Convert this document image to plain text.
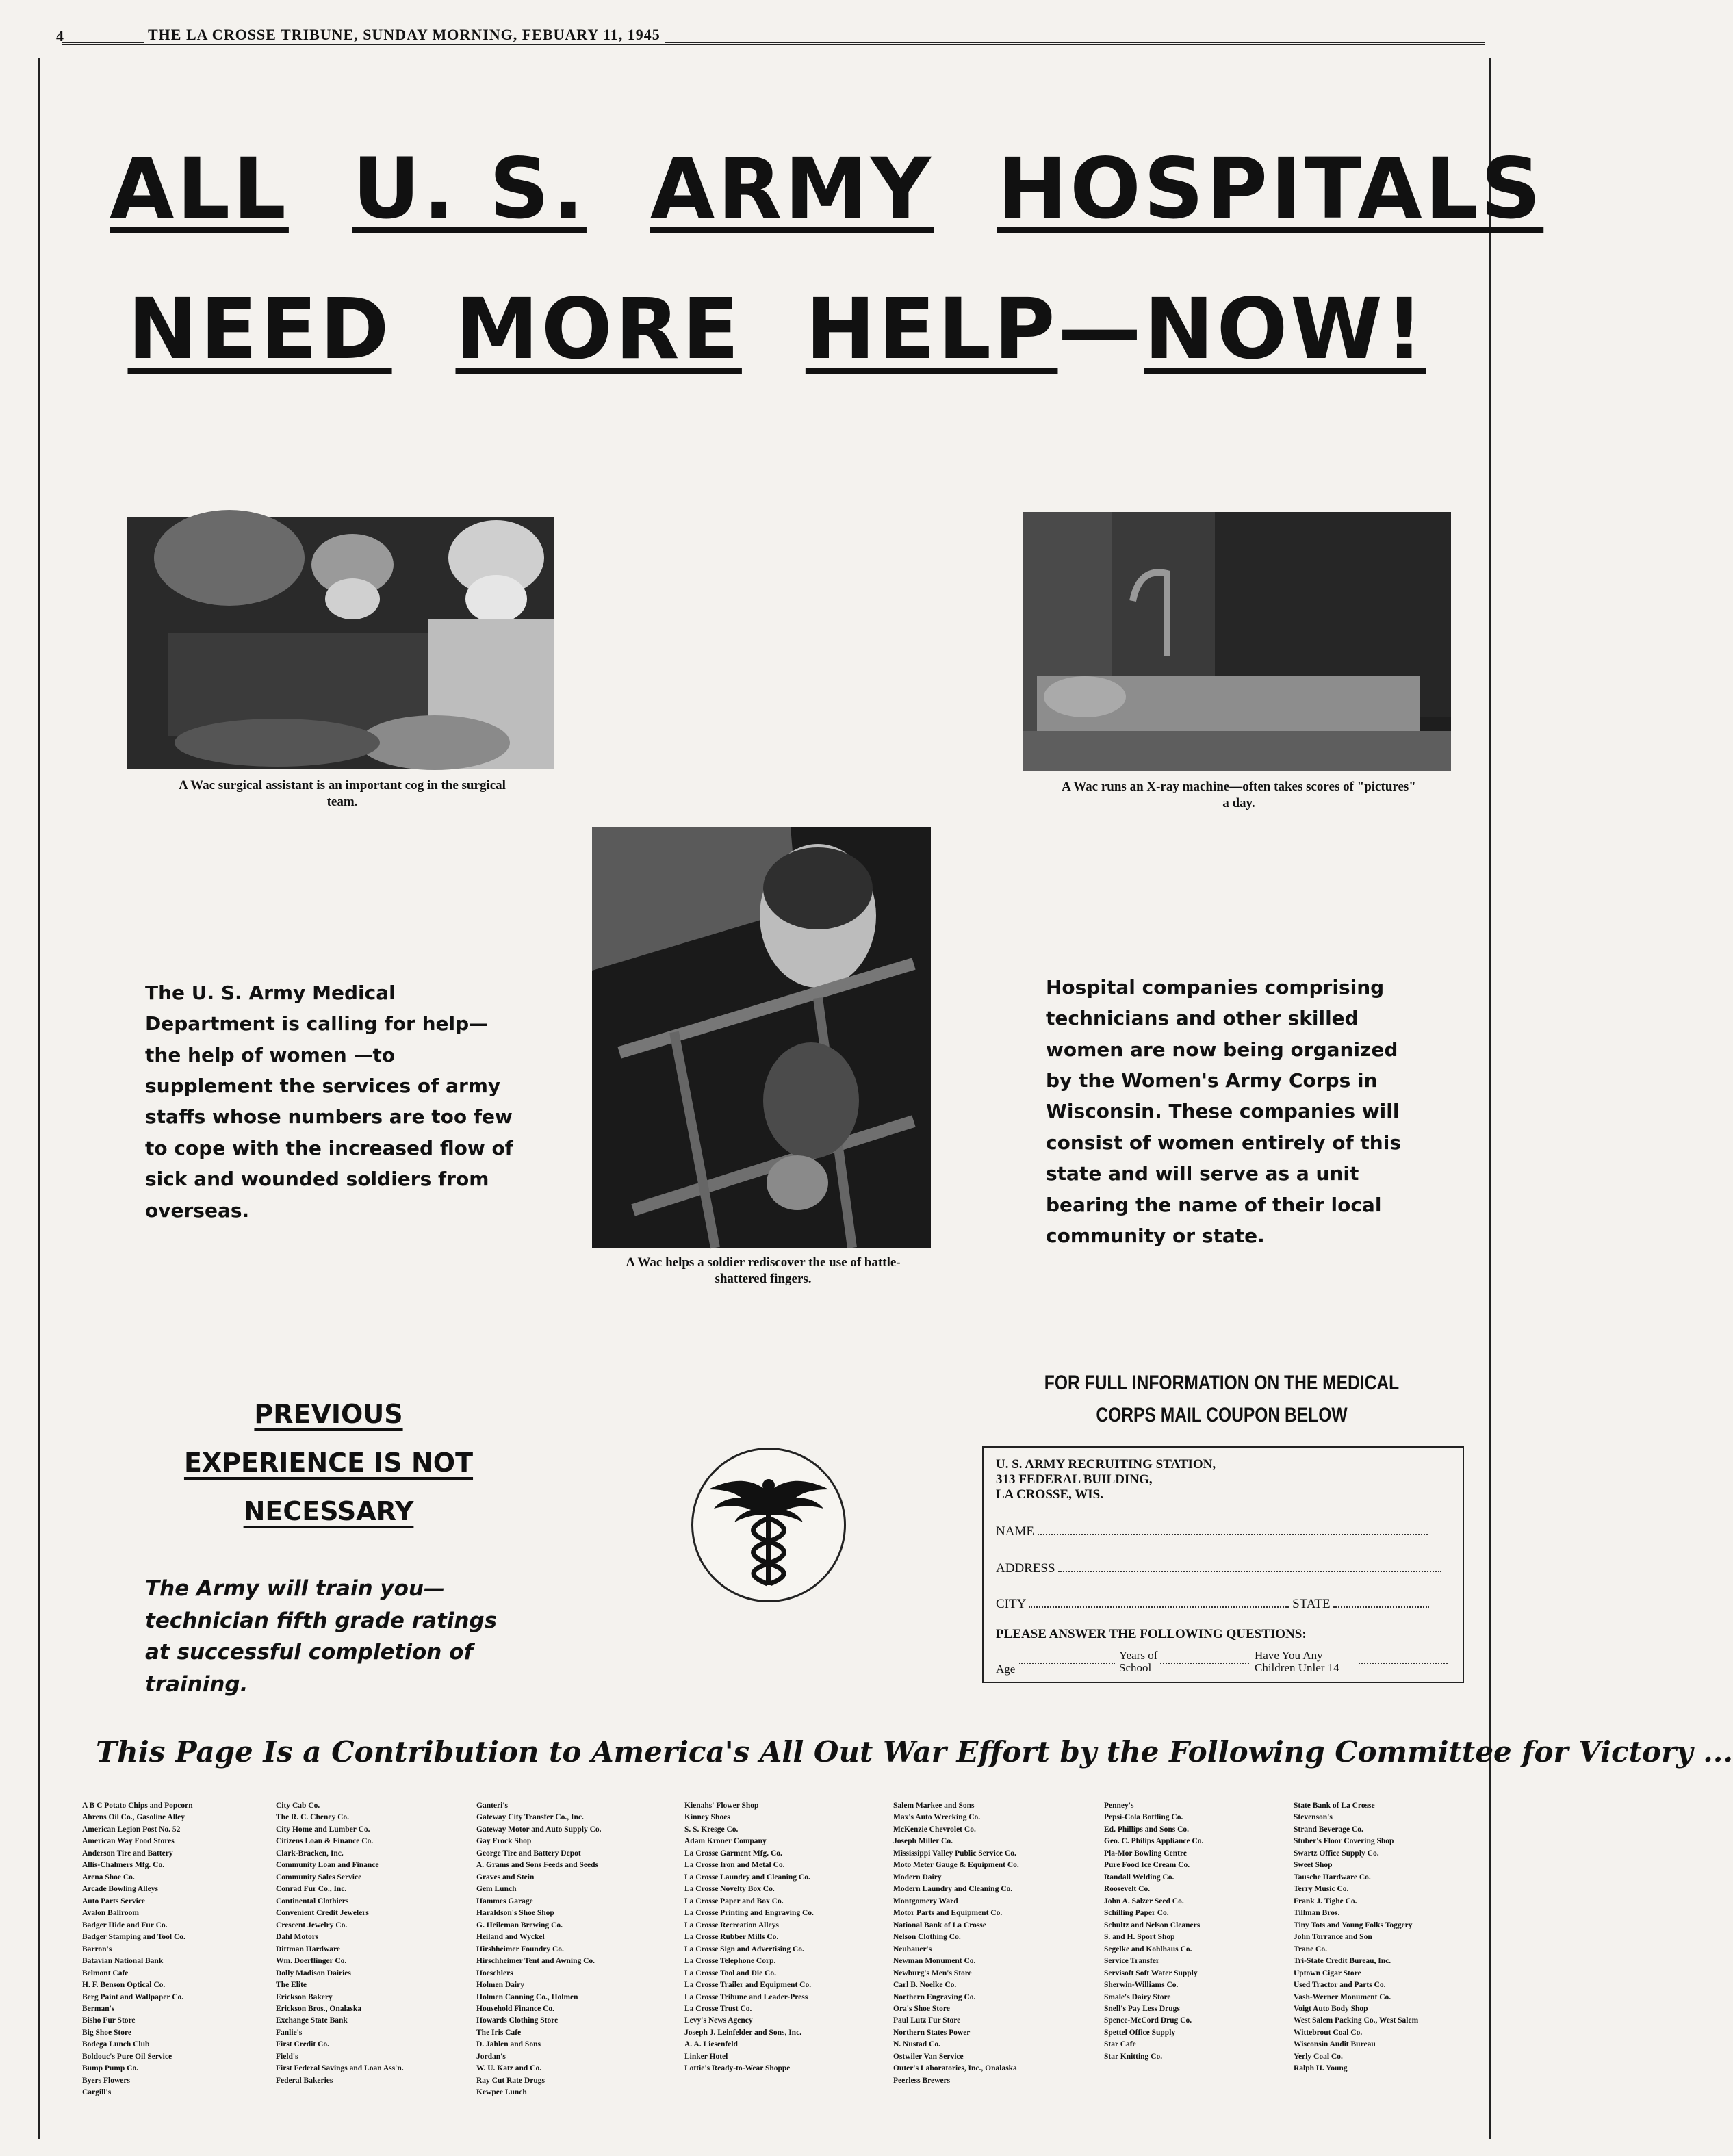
4	THE LA CROSSE TRIBUNE, SUNDAY MORNING, FEBUARY 11, 1945
ALL U. S. ARMY HOSPITALS
NEED MORE HELP—NOW!
A Wac surgical assistant is an important cog in the surgical team.
A Wac runs an X-ray machine—often takes scores of "pictures" a day.
A Wac helps a soldier rediscover the use of battle-shattered fingers.
The U. S. Army Medical Department is calling for help—the help of women —to supplement the services of army staffs whose numbers are too few to cope with the increased flow of sick and wounded soldiers from overseas.
Hospital companies comprising technicians and other skilled women are now being organized by the Women's Army Corps in Wisconsin. These companies will consist of women entirely of this state and will serve as a unit bearing the name of their local community or state.
PREVIOUS
EXPERIENCE IS NOT
NECESSARY
The Army will train you—technician fifth grade ratings at successful completion of training.
FOR FULL INFORMATION ON THE MEDICAL
CORPS MAIL COUPON BELOW
U. S. ARMY RECRUITING STATION,
313 FEDERAL BUILDING,
LA CROSSE, WIS.
NAME
ADDRESS
CITY	STATE
PLEASE ANSWER THE FOLLOWING QUESTIONS:
Age
Years of
School
Have You Any
Children Unler 14
This Page Is a Contribution to America's All Out War Effort by the Following Committee for Victory ...
A B C Potato Chips and Popcorn
Ahrens Oil Co., Gasoline Alley
American Legion Post No. 52
American Way Food Stores
Anderson Tire and Battery
Allis-Chalmers Mfg. Co.
Arena Shoe Co.
Arcade Bowling Alleys
Auto Parts Service
Avalon Ballroom
Badger Hide and Fur Co.
Badger Stamping and Tool Co.
Barron's
Batavian National Bank
Belmont Cafe
H. F. Benson Optical Co.
Berg Paint and Wallpaper Co.
Berman's
Bisho Fur Store
Big Shoe Store
Bodega Lunch Club
Boldouc's Pure Oil Service
Bump Pump Co.
Byers Flowers
Cargill's
City Cab Co.
The R. C. Cheney Co.
City Home and Lumber Co.
Citizens Loan & Finance Co.
Clark-Bracken, Inc.
Community Loan and Finance
Community Sales Service
Conrad Fur Co., Inc.
Continental Clothiers
Convenient Credit Jewelers
Crescent Jewelry Co.
Dahl Motors
Dittman Hardware
Wm. Doerflinger Co.
Dolly Madison Dairies
The Elite
Erickson Bakery
Erickson Bros., Onalaska
Exchange State Bank
Fanlie's
First Credit Co.
Field's
First Federal Savings and Loan Ass'n.
Federal Bakeries
Ganteri's
Gateway City Transfer Co., Inc.
Gateway Motor and Auto Supply Co.
Gay Frock Shop
George Tire and Battery Depot
A. Grams and Sons Feeds and Seeds
Graves and Stein
Gem Lunch
Hammes Garage
Haraldson's Shoe Shop
G. Heileman Brewing Co.
Heiland and Wyckel
Hirshheimer Foundry Co.
Hirschheimer Tent and Awning Co.
Hoeschlers
Holmen Dairy
Holmen Canning Co., Holmen
Household Finance Co.
Howards Clothing Store
The Iris Cafe
D. Jahlen and Sons
Jordan's
W. U. Katz and Co.
Ray Cut Rate Drugs
Kewpee Lunch
Kienahs' Flower Shop
Kinney Shoes
S. S. Kresge Co.
Adam Kroner Company
La Crosse Garment Mfg. Co.
La Crosse Iron and Metal Co.
La Crosse Laundry and Cleaning Co.
La Crosse Novelty Box Co.
La Crosse Paper and Box Co.
La Crosse Printing and Engraving Co.
La Crosse Recreation Alleys
La Crosse Rubber Mills Co.
La Crosse Sign and Advertising Co.
La Crosse Telephone Corp.
La Crosse Tool and Die Co.
La Crosse Trailer and Equipment Co.
La Crosse Tribune and Leader-Press
La Crosse Trust Co.
Levy's News Agency
Joseph J. Leinfelder and Sons, Inc.
A. A. Liesenfeld
Linker Hotel
Lottie's Ready-to-Wear Shoppe
Salem Markee and Sons
Max's Auto Wrecking Co.
McKenzie Chevrolet Co.
Joseph Miller Co.
Mississippi Valley Public Service Co.
Moto Meter Gauge & Equipment Co.
Modern Dairy
Modern Laundry and Cleaning Co.
Montgomery Ward
Motor Parts and Equipment Co.
National Bank of La Crosse
Nelson Clothing Co.
Neubauer's
Newman Monument Co.
Newburg's Men's Store
Carl B. Noelke Co.
Northern Engraving Co.
Ora's Shoe Store
Paul Lutz Fur Store
Northern States Power
N. Nustad Co.
Ostwiler Van Service
Outer's Laboratories, Inc., Onalaska
Peerless Brewers
Penney's
Pepsi-Cola Bottling Co.
Ed. Phillips and Sons Co.
Geo. C. Philips Appliance Co.
Pla-Mor Bowling Centre
Pure Food Ice Cream Co.
Randall Welding Co.
Roosevelt Co.
John A. Salzer Seed Co.
Schilling Paper Co.
Schultz and Nelson Cleaners
S. and H. Sport Shop
Segelke and Kohlhaus Co.
Service Transfer
Servisoft Soft Water Supply
Sherwin-Williams Co.
Smale's Dairy Store
Snell's Pay Less Drugs
Spence-McCord Drug Co.
Spettel Office Supply
Star Cafe
Star Knitting Co.
State Bank of La Crosse
Stevenson's
Strand Beverage Co.
Stuber's Floor Covering Shop
Swartz Office Supply Co.
Sweet Shop
Tausche Hardware Co.
Terry Music Co.
Frank J. Tighe Co.
Tillman Bros.
Tiny Tots and Young Folks Toggery
John Torrance and Son
Trane Co.
Tri-State Credit Bureau, Inc.
Uptown Cigar Store
Used Tractor and Parts Co.
Vash-Werner Monument Co.
Voigt Auto Body Shop
West Salem Packing Co., West Salem
Wittebrout Coal Co.
Wisconsin Audit Bureau
Yerly Coal Co.
Ralph H. Young
